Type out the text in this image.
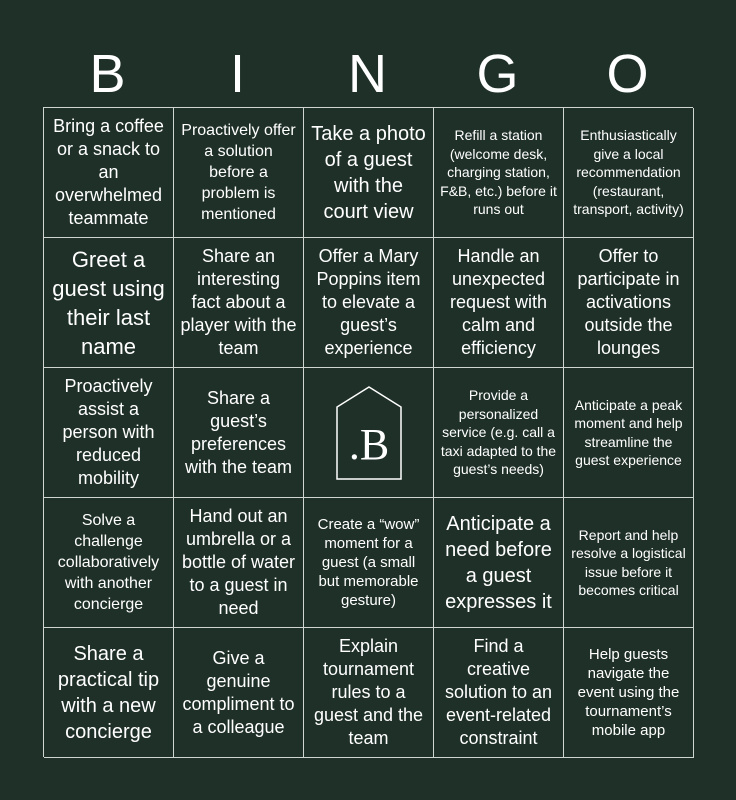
B	I	N	G	O
Bring a coffee or a snack to an overwhelmed teammate
Proactively offer a solution before a problem is mentioned
Take a photo of a guest with the court view
Refill a station (welcome desk, charging station, F&B, etc.) before it runs out
Enthusiastically give a local recommendation (restaurant, transport, activity)
Greet a guest using their last name
Share an interesting fact about a player with the team
Offer a Mary Poppins item to elevate a guest’s experience
Handle an unexpected request with calm and efficiency
Offer to participate in activations outside the lounges
Proactively assist a person with reduced mobility
Share a guest’s preferences with the team .B
Provide a personalized service (e.g. call a taxi adapted to the guest’s needs)
Anticipate a peak moment and help streamline the guest experience
Solve a challenge collaboratively with another concierge
Hand out an umbrella or a bottle of water to a guest in need
Create a “wow” moment for a guest (a small but memorable gesture)
Anticipate a need before a guest expresses it
Report and help resolve a logistical issue before it becomes critical
Share a practical tip with a new concierge
Give a genuine compliment to a colleague
Explain tournament rules to a guest and the team
Find a creative solution to an event-related constraint
Help guests navigate the event using the tournament’s mobile app
